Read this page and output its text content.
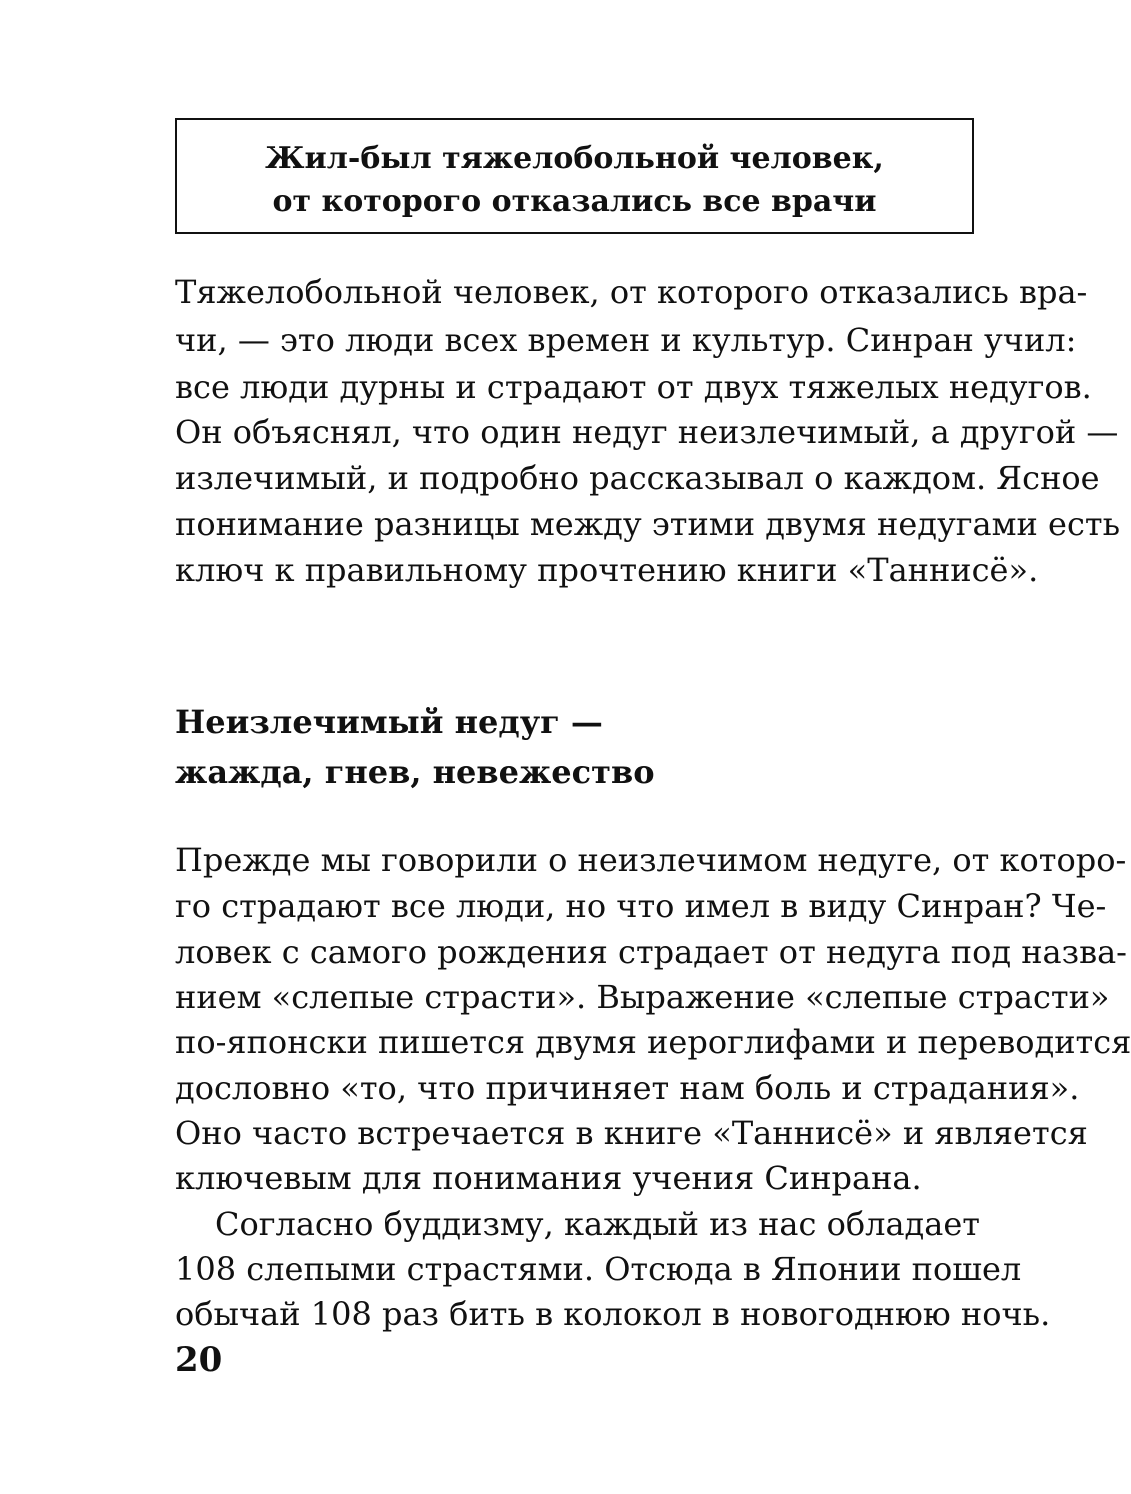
Жил-был тяжелобольной человек,
от которого отказались все врачи
Тяжелобольной человек, от которого отказались вра-
чи, — это люди всех времен и культур. Синран учил:
все люди дурны и страдают от двух тяжелых недугов.
Он объяснял, что один недуг неизлечимый, а другой —
излечимый, и подробно рассказывал о каждом. Ясное
понимание разницы между этими двумя недугами есть
ключ к правильному прочтению книги «Таннисё».
Неизлечимый недуг —
жажда, гнев, невежество
Прежде мы говорили о неизлечимом недуге, от которо-
го страдают все люди, но что имел в виду Синран? Че-
ловек с самого рождения страдает от недуга под назва-
нием «слепые страсти». Выражение «слепые страсти»
по-японски пишется двумя иероглифами и переводится
дословно «то, что причиняет нам боль и страдания».
Оно часто встречается в книге «Таннисё» и является
ключевым для понимания учения Синрана.
Согласно буддизму, каждый из нас обладает
108 слепыми страстями. Отсюда в Японии пошел
обычай 108 раз бить в колокол в новогоднюю ночь.
20
